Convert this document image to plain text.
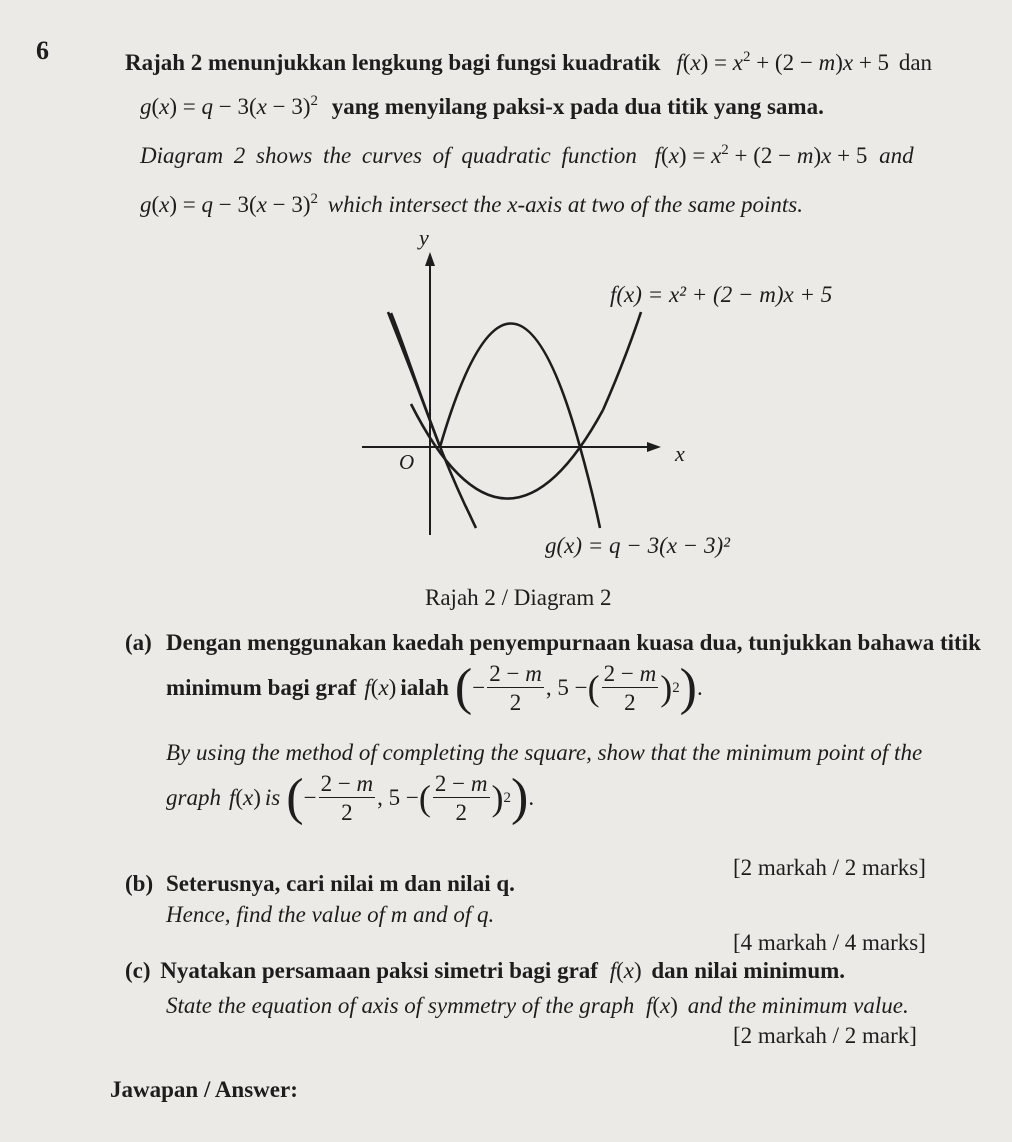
6	Rajah 2 menunjukkan lengkung bagi fungsi kuadratik $f(x) = x^2 + (2 - m)x + 5$ dan
$g(x) = q - 3(x - 3)^2$ yang menyilang paksi-x pada dua titik yang sama.
Diagram 2 shows the curves of quadratic function $f(x) = x^2 + (2 - m)x + 5$ and
$g(x) = q - 3(x - 3)^2$ which intersect the x-axis at two of the same points.
y
x
O
f(x) = x² + (2 − m)x + 5
g(x) = q − 3(x − 3)²
Rajah 2 / Diagram 2
(a) Dengan menggunakan kaedah penyempurnaan kuasa dua, tunjukkan bahawa titik
minimum bagi graf f(x) ialah ( − $\frac{2 - m}{2}$ , 5 − ( $\frac{2 - m}{2}$ ) 2 ) .
By using the method of completing the square, show that the minimum point of the
graph f(x) is ( − $\frac{2 - m}{2}$ , 5 − ( $\frac{2 - m}{2}$ ) 2 ) .
[2 markah / 2 marks]
(b) Seterusnya, cari nilai m dan nilai q.
Hence, find the value of m and of q.
[4 markah / 4 marks]
(c) Nyatakan persamaan paksi simetri bagi graf f(x) dan nilai minimum.
State the equation of axis of symmetry of the graph f(x) and the minimum value.
[2 markah / 2 mark]
Jawapan / Answer:
